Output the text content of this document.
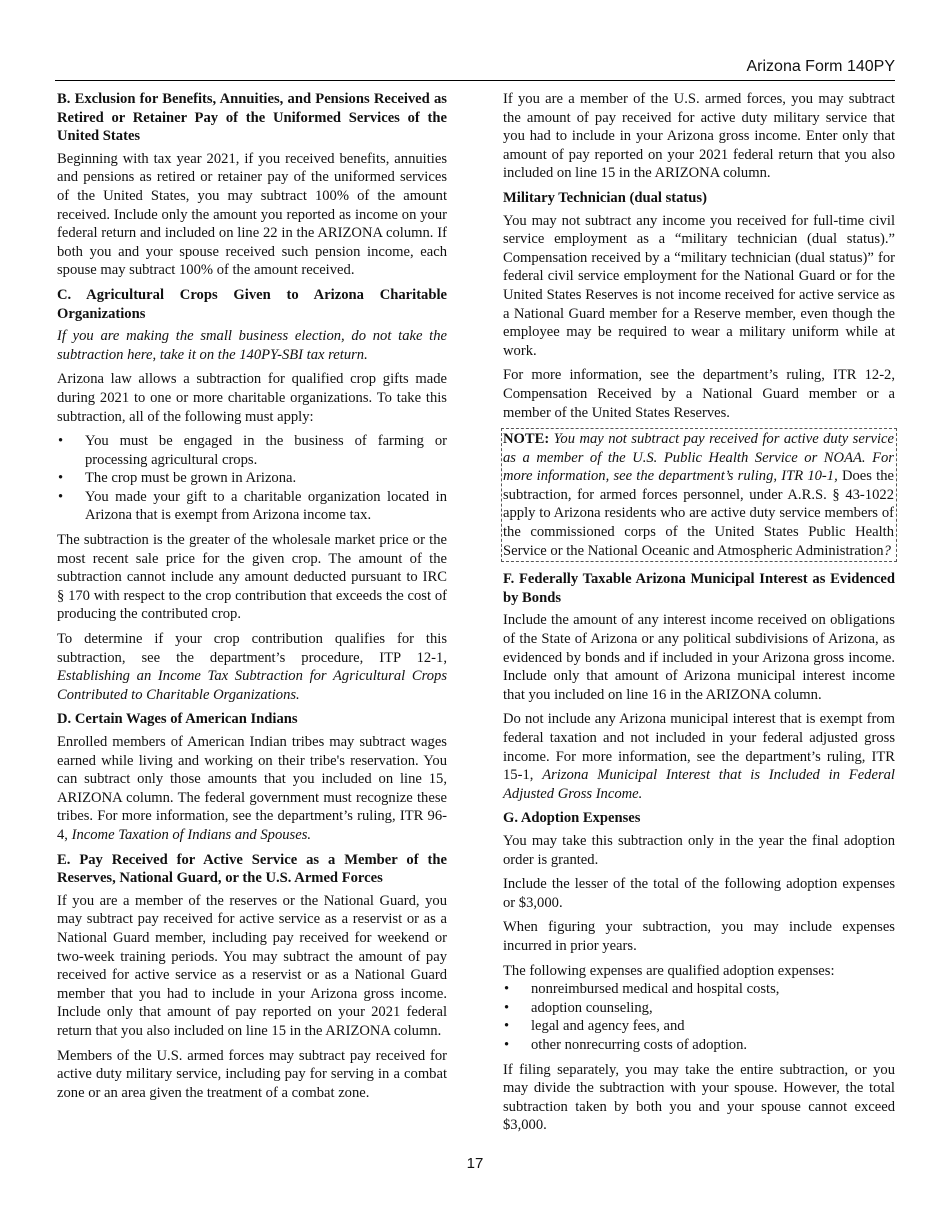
Arizona Form 140PY
B. Exclusion for Benefits, Annuities, and Pensions Received as Retired or Retainer Pay of the Uniformed Services of the United States

Beginning with tax year 2021, if you received benefits, annuities and pensions as retired or retainer pay of the uniformed services of the United States, you may subtract 100% of the amount received. Include only the amount you reported as income on your federal return and included on line 22 in the ARIZONA column. If both you and your spouse received such pension income, each spouse may subtract 100% of the amount received.

C. Agricultural Crops Given to Arizona Charitable Organizations

If you are making the small business election, do not take the subtraction here, take it on the 140PY-SBI tax return.

Arizona law allows a subtraction for qualified crop gifts made during 2021 to one or more charitable organizations. To take this subtraction, all of the following must apply:

• You must be engaged in the business of farming or processing agricultural crops.
• The crop must be grown in Arizona.
• You made your gift to a charitable organization located in Arizona that is exempt from Arizona income tax.

The subtraction is the greater of the wholesale market price or the most recent sale price for the given crop. The amount of the subtraction cannot include any amount deducted pursuant to IRC § 170 with respect to the crop contribution that exceeds the cost of producing the contributed crop.

To determine if your crop contribution qualifies for this subtraction, see the department’s procedure, ITP 12-1, Establishing an Income Tax Subtraction for Agricultural Crops Contributed to Charitable Organizations.

D. Certain Wages of American Indians

Enrolled members of American Indian tribes may subtract wages earned while living and working on their tribe's reservation. You can subtract only those amounts that you included on line 15, ARIZONA column. The federal government must recognize these tribes. For more information, see the department’s ruling, ITR 96-4, Income Taxation of Indians and Spouses.

E. Pay Received for Active Service as a Member of the Reserves, National Guard, or the U.S. Armed Forces

If you are a member of the reserves or the National Guard, you may subtract pay received for active service as a reservist or as a National Guard member, including pay received for weekend or two-week training periods. You may subtract the amount of pay received for active service as a reservist or as a National Guard member that you had to include in your Arizona gross income. Include only that amount of pay reported on your 2021 federal return that you also included on line 15 in the ARIZONA column.

Members of the U.S. armed forces may subtract pay received for active duty military service, including pay for serving in a combat zone or an area given the treatment of a combat zone.

If you are a member of the U.S. armed forces, you may subtract the amount of pay received for active duty military service that you had to include in your Arizona gross income. Enter only that amount of pay reported on your 2021 federal return that you also included on line 15 in the ARIZONA column.

Military Technician (dual status)

You may not subtract any income you received for full-time civil service employment as a “military technician (dual status).” Compensation received by a “military technician (dual status)” for federal civil service employment for the National Guard or for the United States Reserves is not income received for active service as a National Guard member for a Reserve member, even though the employee may be required to wear a military uniform while at work.

For more information, see the department’s ruling, ITR 12-2, Compensation Received by a National Guard member or a member of the United States Reserves.

NOTE: You may not subtract pay received for active duty service as a member of the U.S. Public Health Service or NOAA. For more information, see the department’s ruling, ITR 10-1, Does the subtraction, for armed forces personnel, under A.R.S. § 43-1022 apply to Arizona residents who are active duty service members of the commissioned corps of the United States Public Health Service or the National Oceanic and Atmospheric Administration?

F. Federally Taxable Arizona Municipal Interest as Evidenced by Bonds

Include the amount of any interest income received on obligations of the State of Arizona or any political subdivisions of Arizona, as evidenced by bonds and if included in your Arizona gross income. Include only that amount of Arizona municipal interest income that you included on line 16 in the ARIZONA column.

Do not include any Arizona municipal interest that is exempt from federal taxation and not included in your federal adjusted gross income. For more information, see the department’s ruling, ITR 15-1, Arizona Municipal Interest that is Included in Federal Adjusted Gross Income.

G. Adoption Expenses

You may take this subtraction only in the year the final adoption order is granted.

Include the lesser of the total of the following adoption expenses or $3,000.

When figuring your subtraction, you may include expenses incurred in prior years.

The following expenses are qualified adoption expenses:

• nonreimbursed medical and hospital costs,
• adoption counseling,
• legal and agency fees, and
• other nonrecurring costs of adoption.

If filing separately, you may take the entire subtraction, or you may divide the subtraction with your spouse. However, the total subtraction taken by both you and your spouse cannot exceed $3,000.

17
